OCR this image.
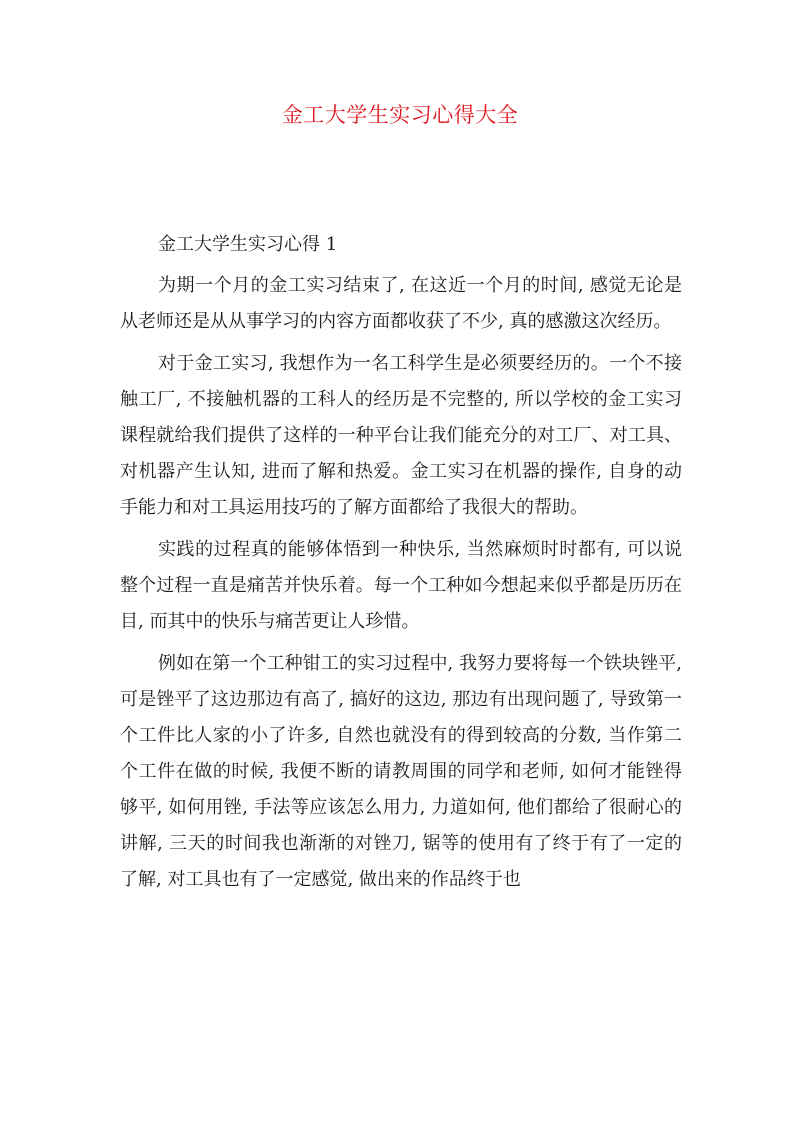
金工大学生实习心得大全
金工大学生实习心得 1

为期一个月的金工实习结束了, 在这近一个月的时间, 感觉无论是从老师还是从从事学习的内容方面都收获了不少, 真的感激这次经历。

对于金工实习, 我想作为一名工科学生是必须要经历的。一个不接触工厂, 不接触机器的工科人的经历是不完整的, 所以学校的金工实习课程就给我们提供了这样的一种平台让我们能充分的对工厂、对工具、对机器产生认知, 进而了解和热爱。金工实习在机器的操作, 自身的动手能力和对工具运用技巧的了解方面都给了我很大的帮助。

实践的过程真的能够体悟到一种快乐, 当然麻烦时时都有, 可以说整个过程一直是痛苦并快乐着。每一个工种如今想起来似乎都是历历在目, 而其中的快乐与痛苦更让人珍惜。

例如在第一个工种钳工的实习过程中, 我努力要将每一个铁块锉平, 可是锉平了这边那边有高了, 搞好的这边, 那边有出现问题了, 导致第一个工件比人家的小了许多, 自然也就没有的得到较高的分数, 当作第二个工件在做的时候, 我便不断的请教周围的同学和老师, 如何才能锉得够平, 如何用锉, 手法等应该怎么用力, 力道如何, 他们都给了很耐心的讲解, 三天的时间我也渐渐的对锉刀, 锯等的使用有了终于有了一定的了解, 对工具也有了一定感觉, 做出来的作品终于也
